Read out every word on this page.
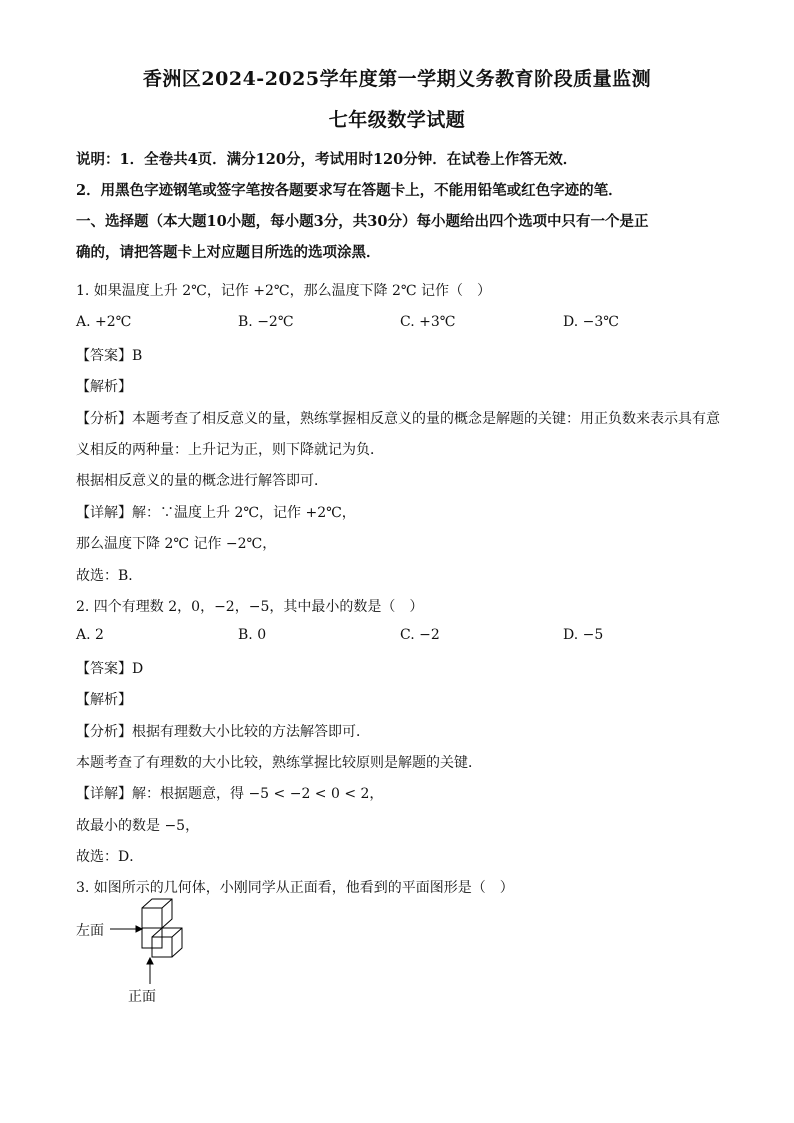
香洲区2024-2025学年度第一学期义务教育阶段质量监测
七年级数学试题
说明：1．全卷共4页．满分120分，考试用时120分钟．在试卷上作答无效．
2．用黑色字迹钢笔或签字笔按各题要求写在答题卡上，不能用铅笔或红色字迹的笔．
一、选择题（本大题10小题，每小题3分，共30分）每小题给出四个选项中只有一个是正
确的，请把答题卡上对应题目所选的选项涂黑．
1. 如果温度上升 2℃，记作 +2℃，那么温度下降 2℃ 记作（　）
A. +2℃	B. −2℃	C. +3℃	D. −3℃
【答案】B
【解析】
【分析】本题考查了相反意义的量，熟练掌握相反意义的量的概念是解题的关键：用正负数来表示具有意
义相反的两种量：上升记为正，则下降就记为负．
根据相反意义的量的概念进行解答即可．
【详解】解：∵温度上升 2℃，记作 +2℃，
那么温度下降 2℃ 记作 −2℃，
故选：B．
2. 四个有理数 2，0，−2，−5，其中最小的数是（　）
A. 2	B. 0	C. −2	D. −5
【答案】D
【解析】
【分析】根据有理数大小比较的方法解答即可．
本题考查了有理数的大小比较，熟练掌握比较原则是解题的关键．
【详解】解：根据题意，得 −5 < −2 < 0 < 2，
故最小的数是 −5，
故选：D．
3. 如图所示的几何体，小刚同学从正面看，他看到的平面图形是（　）
左面
正面
